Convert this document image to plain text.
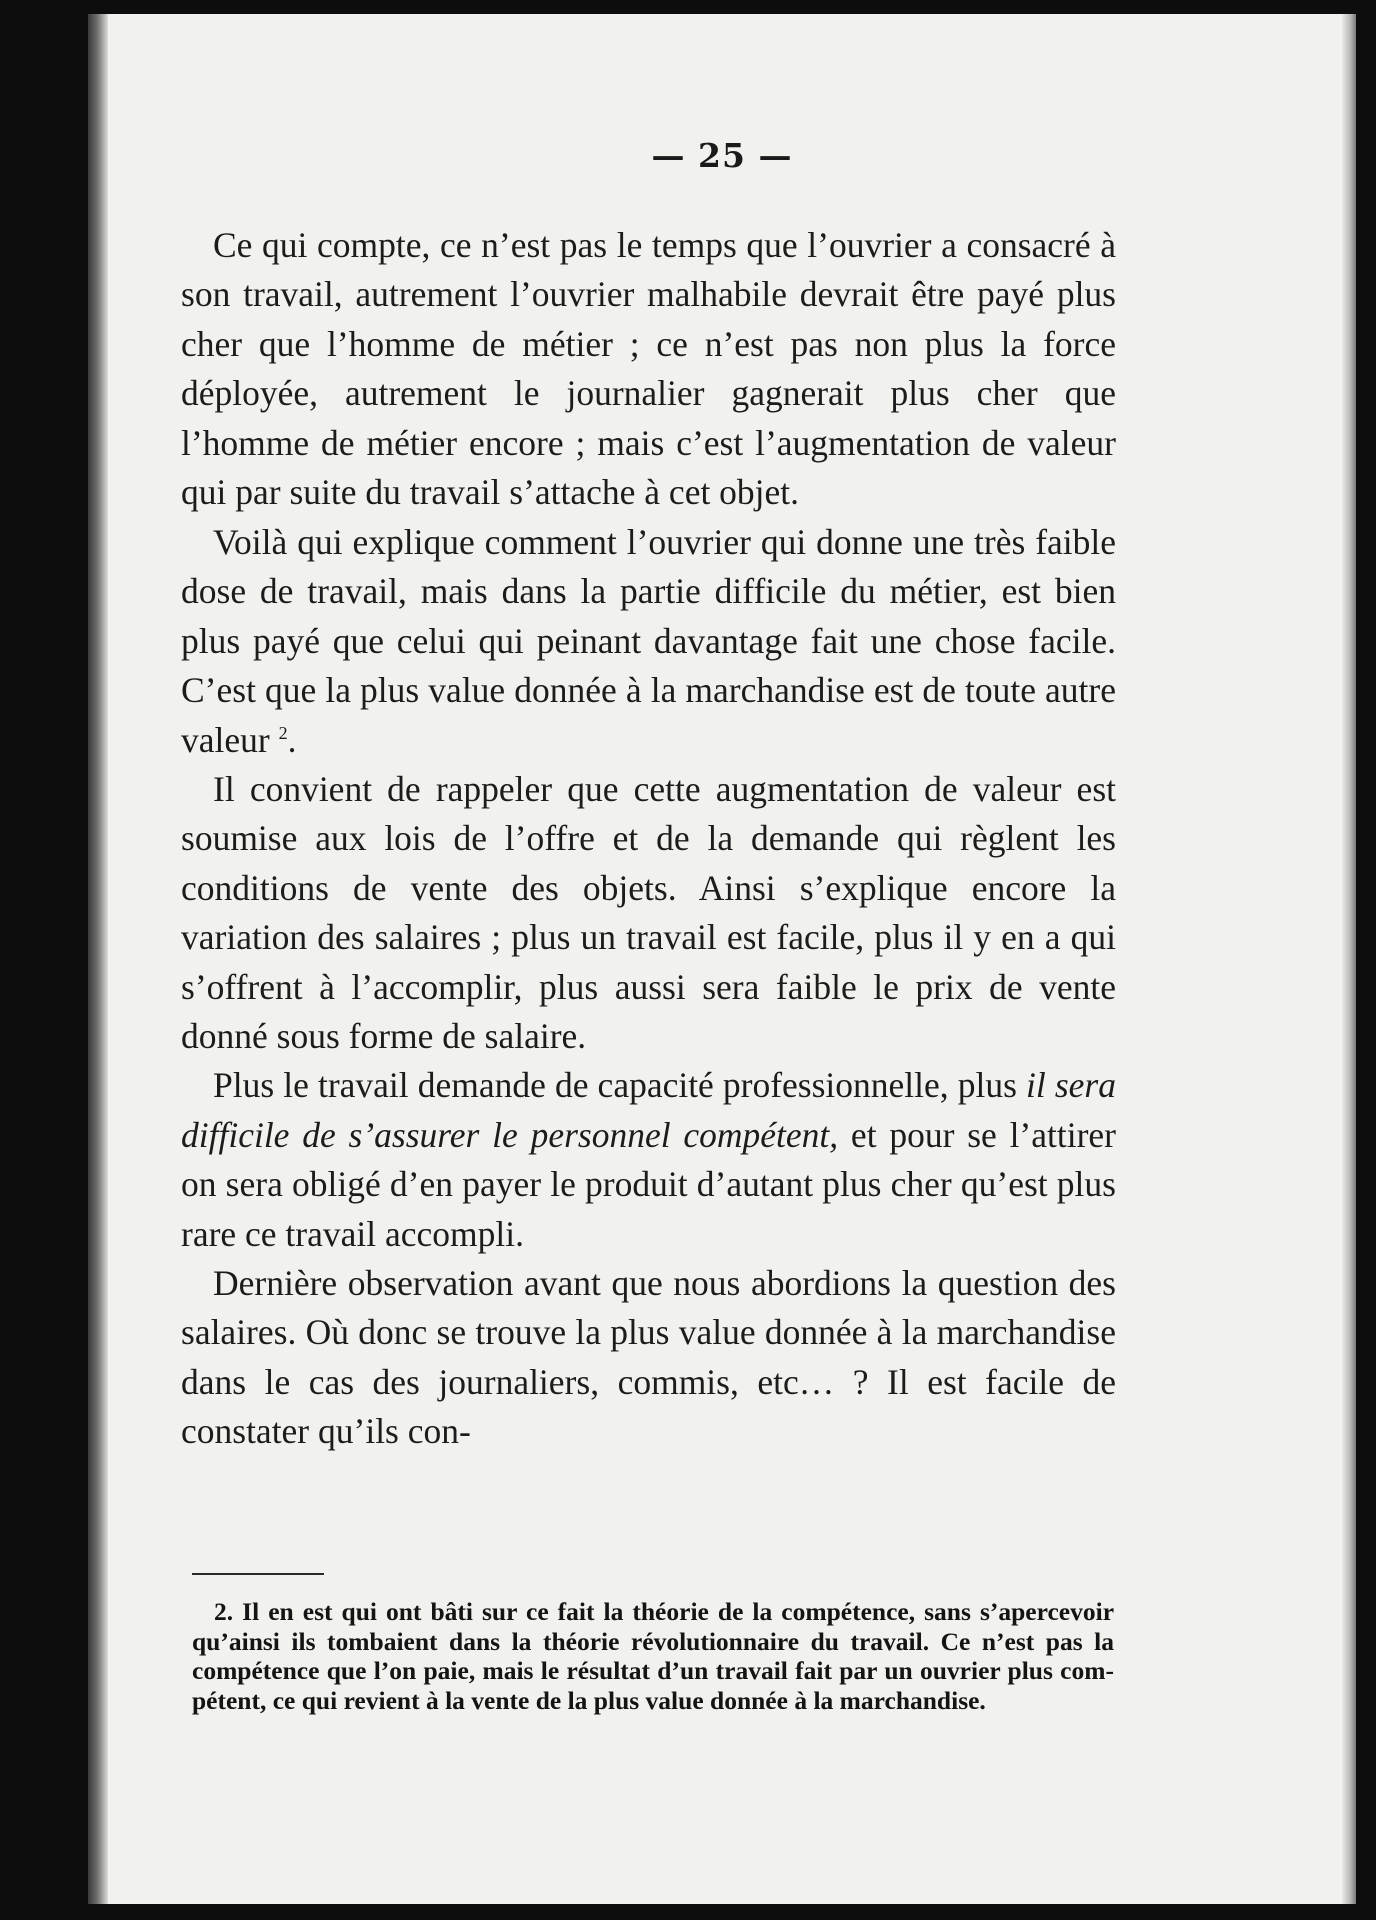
— 25 —

Ce qui compte, ce n’est pas le temps que l’ouvrier a consacré à son travail, autrement l’ouvrier malhabile devrait être payé plus cher que l’homme de métier ; ce n’est pas non plus la force déployée, autrement le journalier gagnerait plus cher que l’homme de métier encore ; mais c’est l’augmentation de valeur qui par suite du travail s’attache à cet objet.

Voilà qui explique comment l’ouvrier qui donne une très faible dose de travail, mais dans la partie difficile du métier, est bien plus payé que celui qui peinant davantage fait une chose facile. C’est que la plus value donnée à la marchandise est de toute autre valeur $^2$.

Il convient de rappeler que cette augmentation de valeur est soumise aux lois de l’offre et de la demande qui règlent les conditions de vente des objets. Ainsi s’explique encore la variation des salaires ; plus un travail est facile, plus il y en a qui s’offrent à l’accomplir, plus aussi sera faible le prix de vente donné sous forme de salaire.

Plus le travail demande de capacité professionnelle, plus il sera difficile de s’assurer le personnel compétent, et pour se l’attirer on sera obligé d’en payer le produit d’autant plus cher qu’est plus rare ce travail accompli.

Dernière observation avant que nous abordions la question des salaires. Où donc se trouve la plus value donnée à la marchandise dans le cas des journaliers, commis, etc… ? Il est facile de constater qu’ils con-

2. Il en est qui ont bâti sur ce fait la théorie de la compétence, sans s’apercevoir qu’ainsi ils tombaient dans la théorie révolutionnaire du travail. Ce n’est pas la compétence que l’on paie, mais le résultat d’un travail fait par un ouvrier plus compétent, ce qui revient à la vente de la plus value donnée à la marchandise.
